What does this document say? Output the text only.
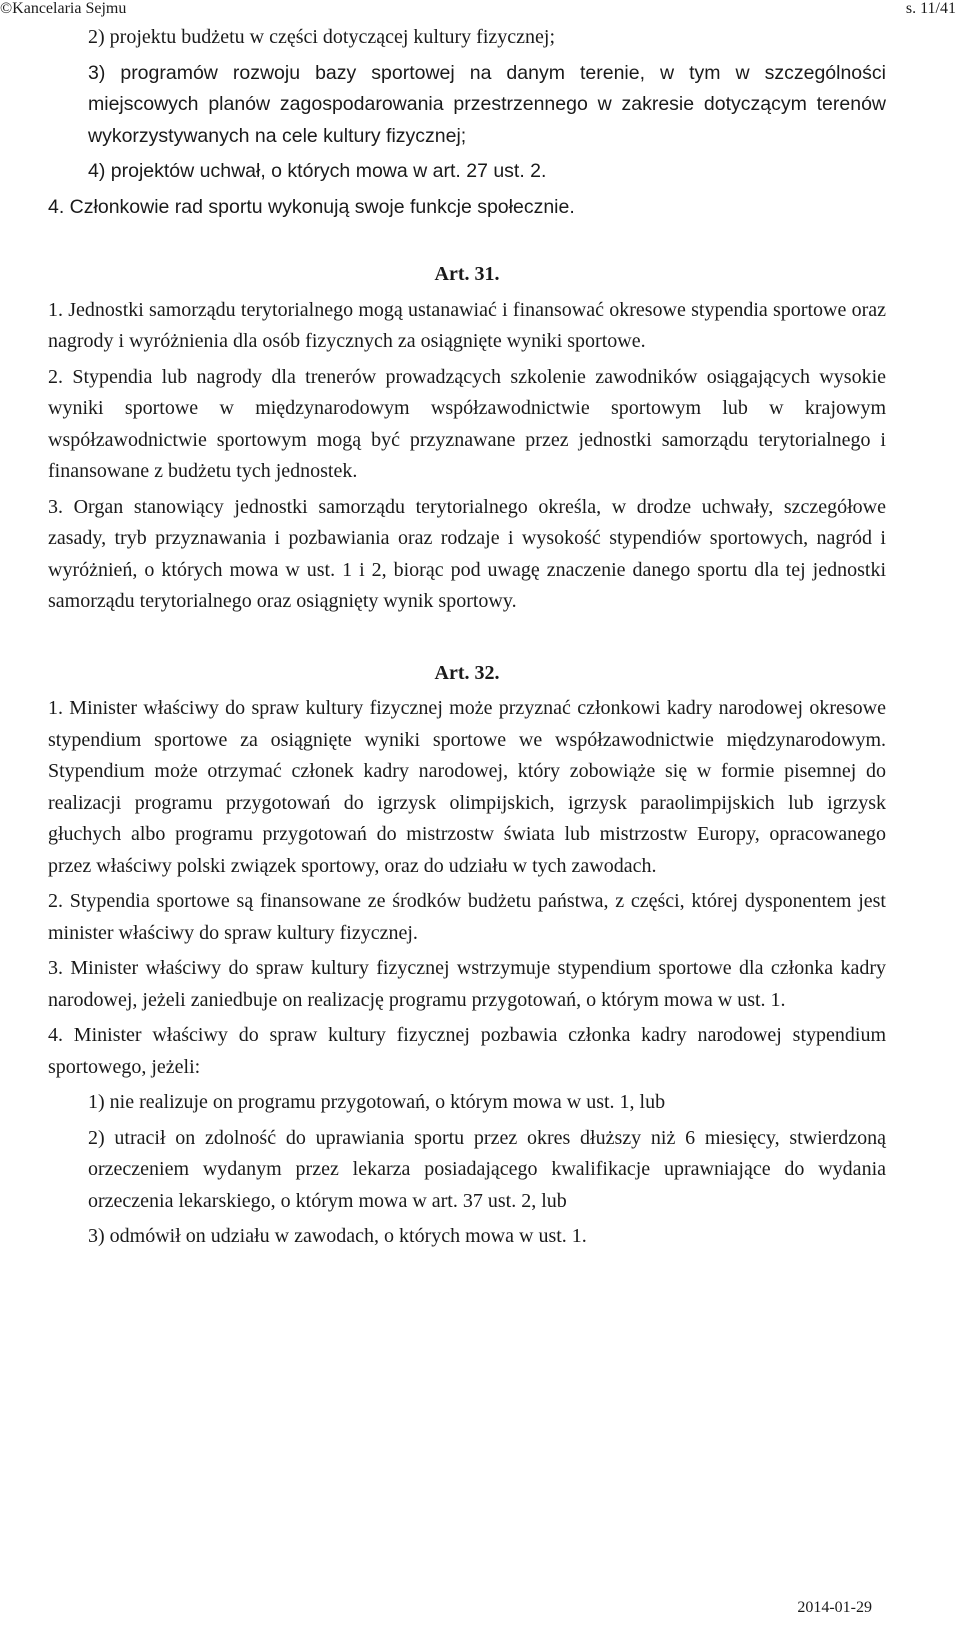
©Kancelaria Sejmu	s. 11/41

2) projektu budżetu w części dotyczącej kultury fizycznej;

3) programów rozwoju bazy sportowej na danym terenie, w tym w szczególności miejscowych planów zagospodarowania przestrzennego w zakresie dotyczącym terenów wykorzystywanych na cele kultury fizycznej;

4) projektów uchwał, o których mowa w art. 27 ust. 2.

4. Członkowie rad sportu wykonują swoje funkcje społecznie.

Art. 31.

1. Jednostki samorządu terytorialnego mogą ustanawiać i finansować okresowe stypendia sportowe oraz nagrody i wyróżnienia dla osób fizycznych za osiągnięte wyniki sportowe.

2. Stypendia lub nagrody dla trenerów prowadzących szkolenie zawodników osiągających wysokie wyniki sportowe w międzynarodowym współzawodnictwie sportowym lub w krajowym współzawodnictwie sportowym mogą być przyznawane przez jednostki samorządu terytorialnego i finansowane z budżetu tych jednostek.

3. Organ stanowiący jednostki samorządu terytorialnego określa, w drodze uchwały, szczegółowe zasady, tryb przyznawania i pozbawiania oraz rodzaje i wysokość stypendiów sportowych, nagród i wyróżnień, o których mowa w ust. 1 i 2, biorąc pod uwagę znaczenie danego sportu dla tej jednostki samorządu terytorialnego oraz osiągnięty wynik sportowy.

Art. 32.

1. Minister właściwy do spraw kultury fizycznej może przyznać członkowi kadry narodowej okresowe stypendium sportowe za osiągnięte wyniki sportowe we współzawodnictwie międzynarodowym. Stypendium może otrzymać członek kadry narodowej, który zobowiąże się w formie pisemnej do realizacji programu przygotowań do igrzysk olimpijskich, igrzysk paraolimpijskich lub igrzysk głuchych albo programu przygotowań do mistrzostw świata lub mistrzostw Europy, opracowanego przez właściwy polski związek sportowy, oraz do udziału w tych zawodach.

2. Stypendia sportowe są finansowane ze środków budżetu państwa, z części, której dysponentem jest minister właściwy do spraw kultury fizycznej.

3. Minister właściwy do spraw kultury fizycznej wstrzymuje stypendium sportowe dla członka kadry narodowej, jeżeli zaniedbuje on realizację programu przygotowań, o którym mowa w ust. 1.

4. Minister właściwy do spraw kultury fizycznej pozbawia członka kadry narodowej stypendium sportowego, jeżeli:

1) nie realizuje on programu przygotowań, o którym mowa w ust. 1, lub

2) utracił on zdolność do uprawiania sportu przez okres dłuższy niż 6 miesięcy, stwierdzoną orzeczeniem wydanym przez lekarza posiadającego kwalifikacje uprawniające do wydania orzeczenia lekarskiego, o którym mowa w art. 37 ust. 2, lub

3) odmówił on udziału w zawodach, o których mowa w ust. 1.

2014-01-29
